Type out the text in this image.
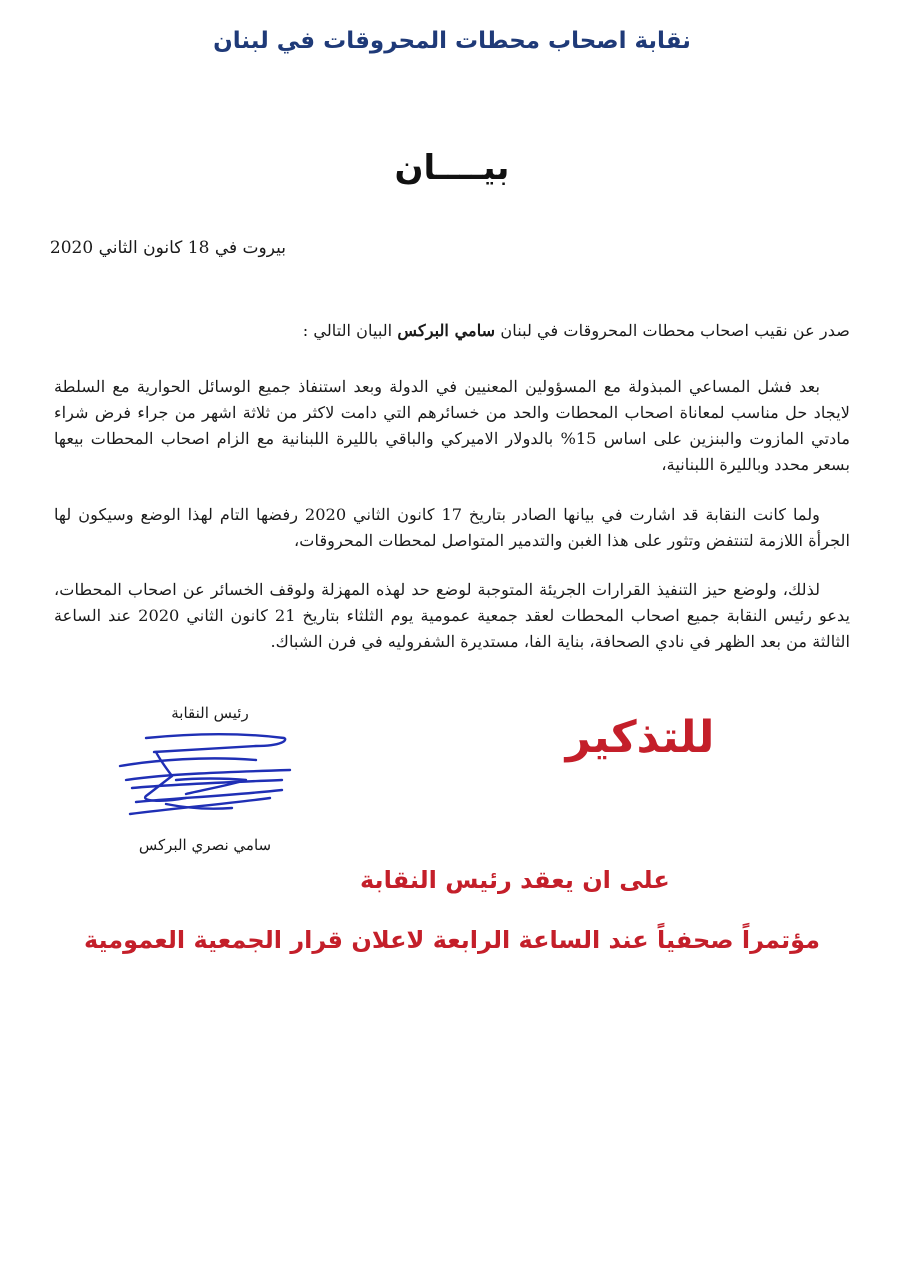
نقابة اصحاب محطات المحروقات في لبنان
بيــــان
بيروت في 18 كانون الثاني 2020
صدر عن نقيب اصحاب محطات المحروقات في لبنان سامي البركس البيان التالي :
بعد فشل المساعي المبذولة مع المسؤولين المعنيين في الدولة وبعد استنفاذ جميع الوسائل الحوارية مع السلطة لايجاد حل مناسب لمعاناة اصحاب المحطات والحد من خسائرهم التي دامت لاكثر من ثلاثة اشهر من جراء فرض شراء مادتي المازوت والبنزين على اساس 15% بالدولار الاميركي والباقي بالليرة اللبنانية مع الزام اصحاب المحطات بيعها بسعر محدد وبالليرة اللبنانية،
ولما كانت النقابة قد اشارت في بيانها الصادر بتاريخ 17 كانون الثاني 2020 رفضها التام لهذا الوضع وسيكون لها الجرأة اللازمة لتنتفض وتثور على هذا الغبن والتدمير المتواصل لمحطات المحروقات،
لذلك، ولوضع حيز التنفيذ القرارات الجريئة المتوجبة لوضع حد لهذه المهزلة ولوقف الخسائر عن اصحاب المحطات، يدعو رئيس النقابة جميع اصحاب المحطات لعقد جمعية عمومية يوم الثلثاء بتاريخ 21 كانون الثاني 2020 عند الساعة الثالثة من بعد الظهر في نادي الصحافة، بناية الفا، مستديرة الشفروليه في فرن الشباك.
رئيس النقابة
سامي نصري البركس
للتذكير
على ان يعقد رئيس النقابة
مؤتمراً صحفياً عند الساعة الرابعة لاعلان قرار الجمعية العمومية
